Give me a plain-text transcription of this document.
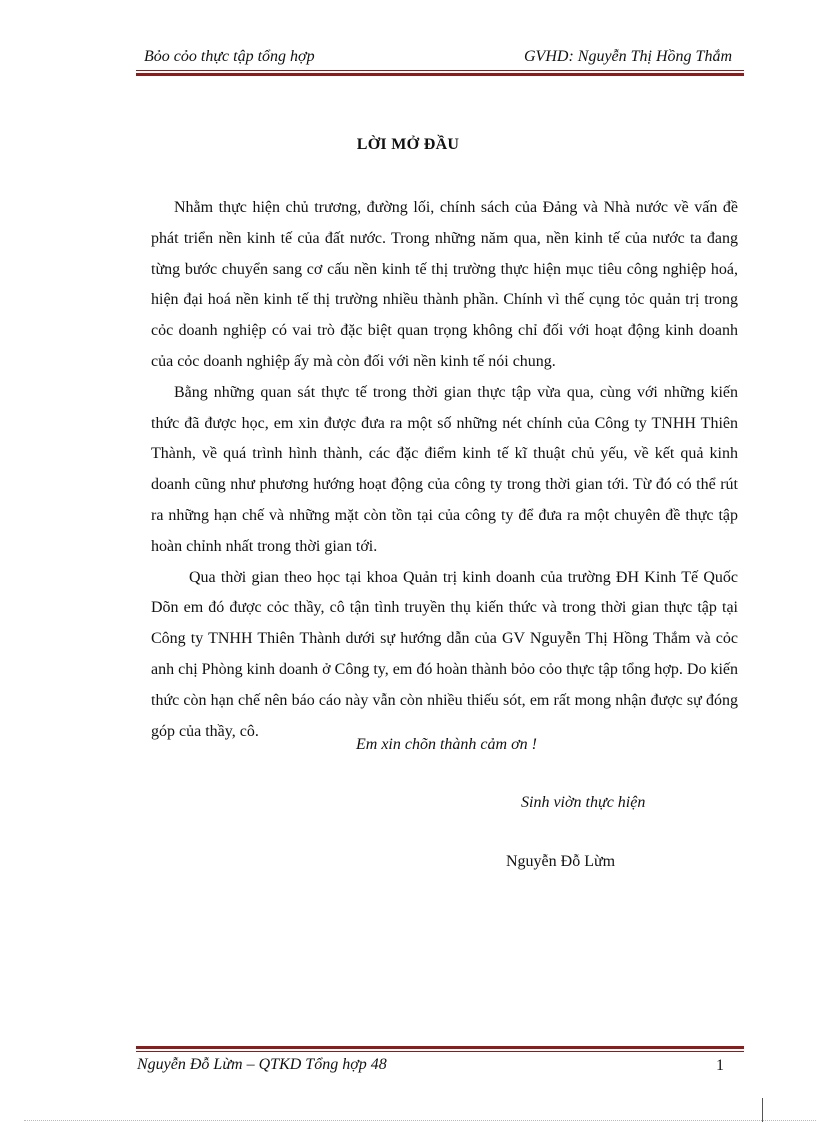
Bỏo cỏo thực tập tổng hợp	GVHD: Nguyễn Thị Hồng Thắm
LỜI MỞ ĐẦU

Nhằm thực hiện chủ trương, đường lối, chính sách của Đảng và Nhà nước về vấn đề phát triển nền kinh tế của đất nước. Trong những năm qua, nền kinh tế của nước ta đang từng bước chuyển sang cơ cấu nền kinh tế thị trường thực hiện mục tiêu công nghiệp hoá, hiện đại hoá nền kinh tế thị trường nhiều thành phần. Chính vì thế cụng tỏc quản trị trong cỏc doanh nghiệp có vai trò đặc biệt quan trọng không chỉ đối với hoạt động kinh doanh của cỏc doanh nghiệp ấy mà còn đối với nền kinh tế nói chung.

Bằng những quan sát thực tế trong thời gian thực tập vừa qua, cùng với những kiến thức đã được học, em xin được đưa ra một số những nét chính của Công ty TNHH Thiên Thành, về quá trình hình thành, các đặc điểm kinh tế kĩ thuật chủ yếu, về kết quả kinh doanh cũng như phương hướng hoạt động của công ty trong thời gian tới. Từ đó có thể rút ra những hạn chế và những mặt còn tồn tại của công ty để đưa ra một chuyên đề thực tập hoàn chỉnh nhất trong thời gian tới.

Qua thời gian theo học tại khoa Quản trị kinh doanh của trường ĐH Kinh Tế Quốc Dõn em đó được cỏc thầy, cô tận tình truyền thụ kiến thức và trong thời gian thực tập tại Công ty TNHH Thiên Thành dưới sự hướng dẫn của GV Nguyễn Thị Hồng Thắm và cỏc anh chị Phòng kinh doanh ở Công ty, em đó hoàn thành bỏo cỏo thực tập tổng hợp. Do kiến thức còn hạn chế nên báo cáo này vẫn còn nhiều thiếu sót, em rất mong nhận được sự đóng góp của thầy, cô.

Em xin chõn thành cảm ơn !
Sinh viờn thực hiện
Nguyễn Đỗ Lừm
Nguyễn Đỗ Lừm – QTKD Tổng hợp 48	1
